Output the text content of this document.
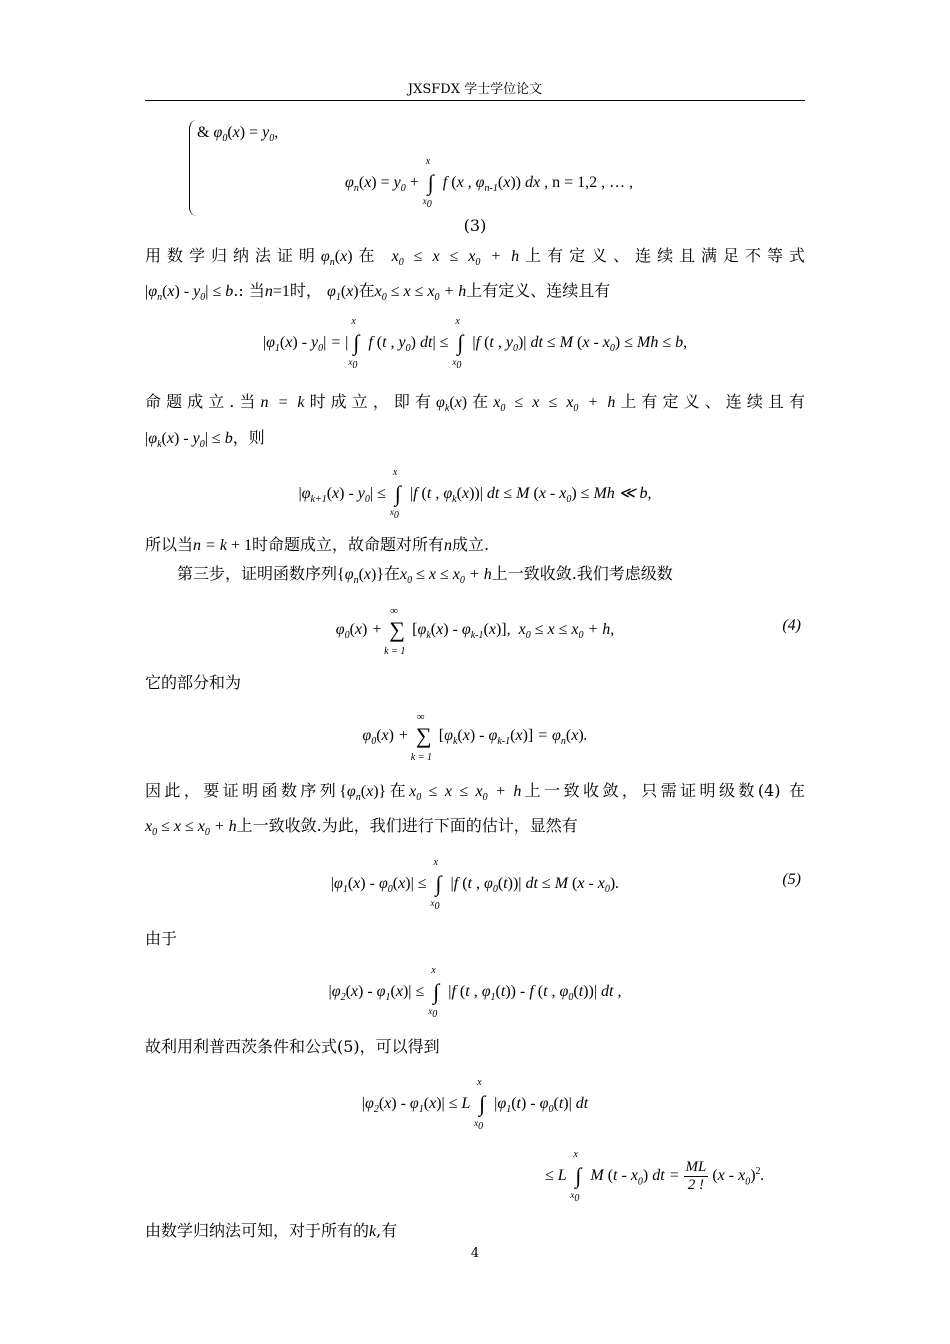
JXSFDX 学士学位论文
& $\varphi_0(x) = y_0$,
$\varphi_n(x) = y_0$ +
x
∫
$x_0$
f (x , $\varphi_{n-1}(x)$) dx , n = 1,2 , … ,
(3)
用数学归纳法证明$\varphi_n(x)$在 $x_0 \le x \le x_0 + h$上有定义、连续且满足不等式
$|\varphi_n(x) - y_0| \le b$.: 当n=1时， $\varphi_1(x)$在$x_0 \le x \le x_0 + h$上有定义、连续且有
$|\varphi_1(x) - y_0|$ = |
x
∫
$x_0$
f (t , $y_0$) dt| ≤
x
∫
$x_0$
|f (t , $y_0)|$ dt ≤ M $(x - x_0) \le Mh \le b$,
命题成立.当n = k时成立，即有$\varphi_k(x)$在$x_0 \le x \le x_0 + h$上有定义、连续且有
$|\varphi_k(x) - y_0| \le b$，则
$|\varphi_{k+1}(x) - y_0|$ ≤
x
∫
$x_0$
|f (t , $\varphi_k(x))|$ dt ≤ M $(x - x_0) \le Mh$ ≪ b,
所以当n = k + 1时命题成立，故命题对所有n成立.
第三步，证明函数序列$\{\varphi_n(x)\}$在$x_0 \le x \le x_0 + h$上一致收敛.我们考虑级数
$\varphi_0(x)$ +
∞
∑
k = 1
$[\varphi_k(x) - \varphi_{k-1}(x)]$,  $x_0 \le x \le x_0 + h$,	(4)
它的部分和为
$\varphi_0(x)$ +
∞
∑
k = 1
$[\varphi_k(x) - \varphi_{k-1}(x)] = \varphi_n(x)$.
因此，要证明函数序列$\{\varphi_n(x)\}$在$x_0 \le x \le x_0 + h$上一致收敛，只需证明级数(4) 在
$x_0 \le x \le x_0 + h$上一致收敛.为此，我们进行下面的估计，显然有
$|\varphi_1(x) - \varphi_0(x)|$ ≤
x
∫
$x_0$
|f (t , $\varphi_0(t))|$ dt ≤ M $(x - x_0)$.	(5)
由于
$|\varphi_2(x) - \varphi_1(x)|$ ≤
x
∫
$x_0$
|f (t , $\varphi_1(t)$) - f (t , $\varphi_0(t))|$ dt ,
故利用利普西茨条件和公式(5)，可以得到
$|\varphi_2(x) - \varphi_1(x)| \le L$
x
∫
$x_0$
$|\varphi_1(t) - \varphi_0(t)|$ dt
≤ L
x
∫
$x_0$
M $(t - x_0)$ dt = $\frac{ML}{2 !} (x - x_0)^2$.
由数学归纳法可知，对于所有的k,有
4
